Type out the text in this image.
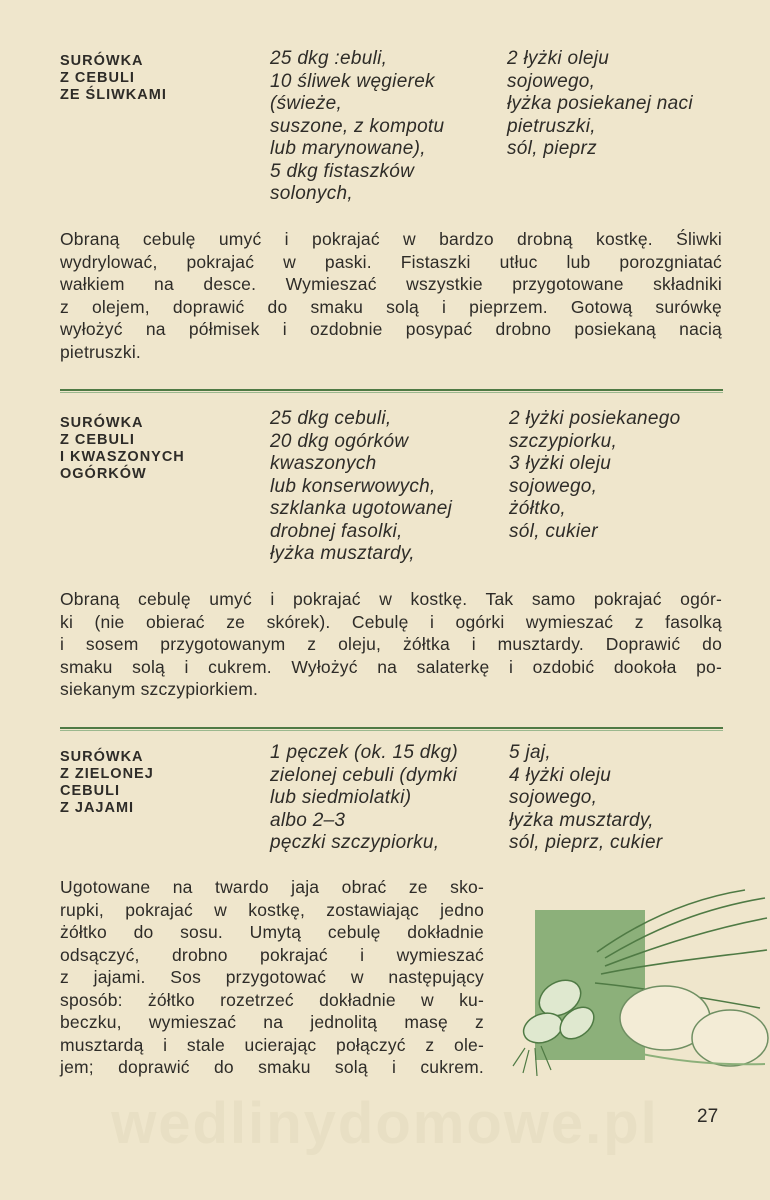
wedlinydomowe.pl
SURÓWKA
Z CEBULI
ZE ŚLIWKAMI
25 dkg :ebuli,
10 śliwek węgierek
(świeże,
suszone, z kompotu
lub marynowane),
5 dkg fistaszków
solonych,
2 łyżki oleju
sojowego,
łyżka posiekanej naci
pietruszki,
sól, pieprz
Obraną cebulę umyć i pokrajać w bardzo drobną kostkę. Śliwki
wydrylować, pokrajać w paski. Fistaszki utłuc lub porozgniatać
wałkiem na desce. Wymieszać wszystkie przygotowane składniki
z olejem, doprawić do smaku solą i pieprzem. Gotową surówkę
wyłożyć na półmisek i ozdobnie posypać drobno posiekaną nacią
pietruszki.
SURÓWKA
Z CEBULI
I KWASZONYCH
OGÓRKÓW
25 dkg cebuli,
20 dkg ogórków
kwaszonych
lub konserwowych,
szklanka ugotowanej
drobnej fasolki,
łyżka musztardy,
2 łyżki posiekanego
szczypiorku,
3 łyżki oleju
sojowego,
żółtko,
sól, cukier
Obraną cebulę umyć i pokrajać w kostkę. Tak samo pokrajać ogór-
ki (nie obierać ze skórek). Cebulę i ogórki wymieszać z fasolką
i sosem przygotowanym z oleju, żółtka i musztardy. Doprawić do
smaku solą i cukrem. Wyłożyć na salaterkę i ozdobić dookoła po-
siekanym szczypiorkiem.
SURÓWKA
Z ZIELONEJ
CEBULI
Z JAJAMI
1 pęczek (ok. 15 dkg)
zielonej cebuli (dymki
lub siedmiolatki)
albo 2–3
pęczki szczypiorku,
5 jaj,
4 łyżki oleju
sojowego,
łyżka musztardy,
sól, pieprz, cukier
Ugotowane na twardo jaja obrać ze sko-
rupki, pokrajać w kostkę, zostawiając jedno
żółtko do sosu. Umytą cebulę dokładnie
odsączyć, drobno pokrajać i wymieszać
z jajami. Sos przygotować w następujący
sposób: żółtko rozetrzeć dokładnie w ku-
beczku, wymieszać na jednolitą masę z
musztardą i stale ucierając połączyć z ole-
jem; doprawić do smaku solą i cukrem.
27
